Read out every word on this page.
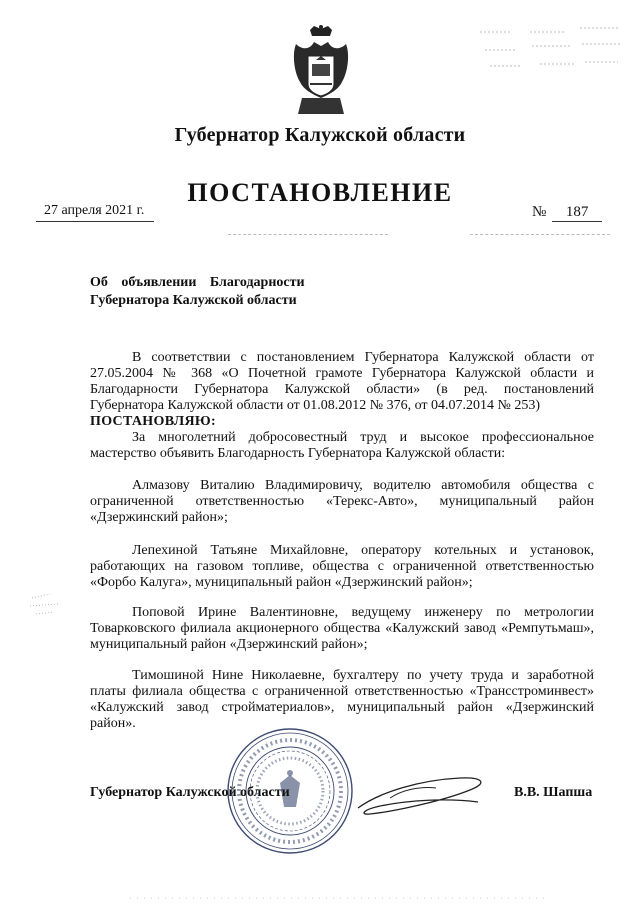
Губернатор Калужской области
ПОСТАНОВЛЕНИЕ
27 апреля 2021 г.	№ 187
Об объявлении Благодарности
Губернатора Калужской области
В соответствии с постановлением Губернатора Калужской области от 27.05.2004 № 368 «О Почетной грамоте Губернатора Калужской области и Благодарности Губернатора Калужской области» (в ред. постановлений Губернатора Калужской области от 01.08.2012 № 376, от 04.07.2014 № 253)
ПОСТАНОВЛЯЮ:
За многолетний добросовестный труд и высокое профессиональное мастерство объявить Благодарность Губернатора Калужской области:
Алмазову Виталию Владимировичу, водителю автомобиля общества с ограниченной ответственностью «Терекс-Авто», муниципальный район «Дзержинский район»;
Лепехиной Татьяне Михайловне, оператору котельных и установок, работающих на газовом топливе, общества с ограниченной ответственностью «Форбо Калуга», муниципальный район «Дзержинский район»;
Поповой Ирине Валентиновне, ведущему инженеру по метрологии Товарковского филиала акционерного общества «Калужский завод «Ремпутьмаш», муниципальный район «Дзержинский район»;
Тимошиной Нине Николаевне, бухгалтеру по учету труда и заработной платы филиала общества с ограниченной ответственностью «Трансстроминвест» «Калужский завод стройматериалов», муниципальный район «Дзержинский район».
Губернатор Калужской области	В.В. Шапша
